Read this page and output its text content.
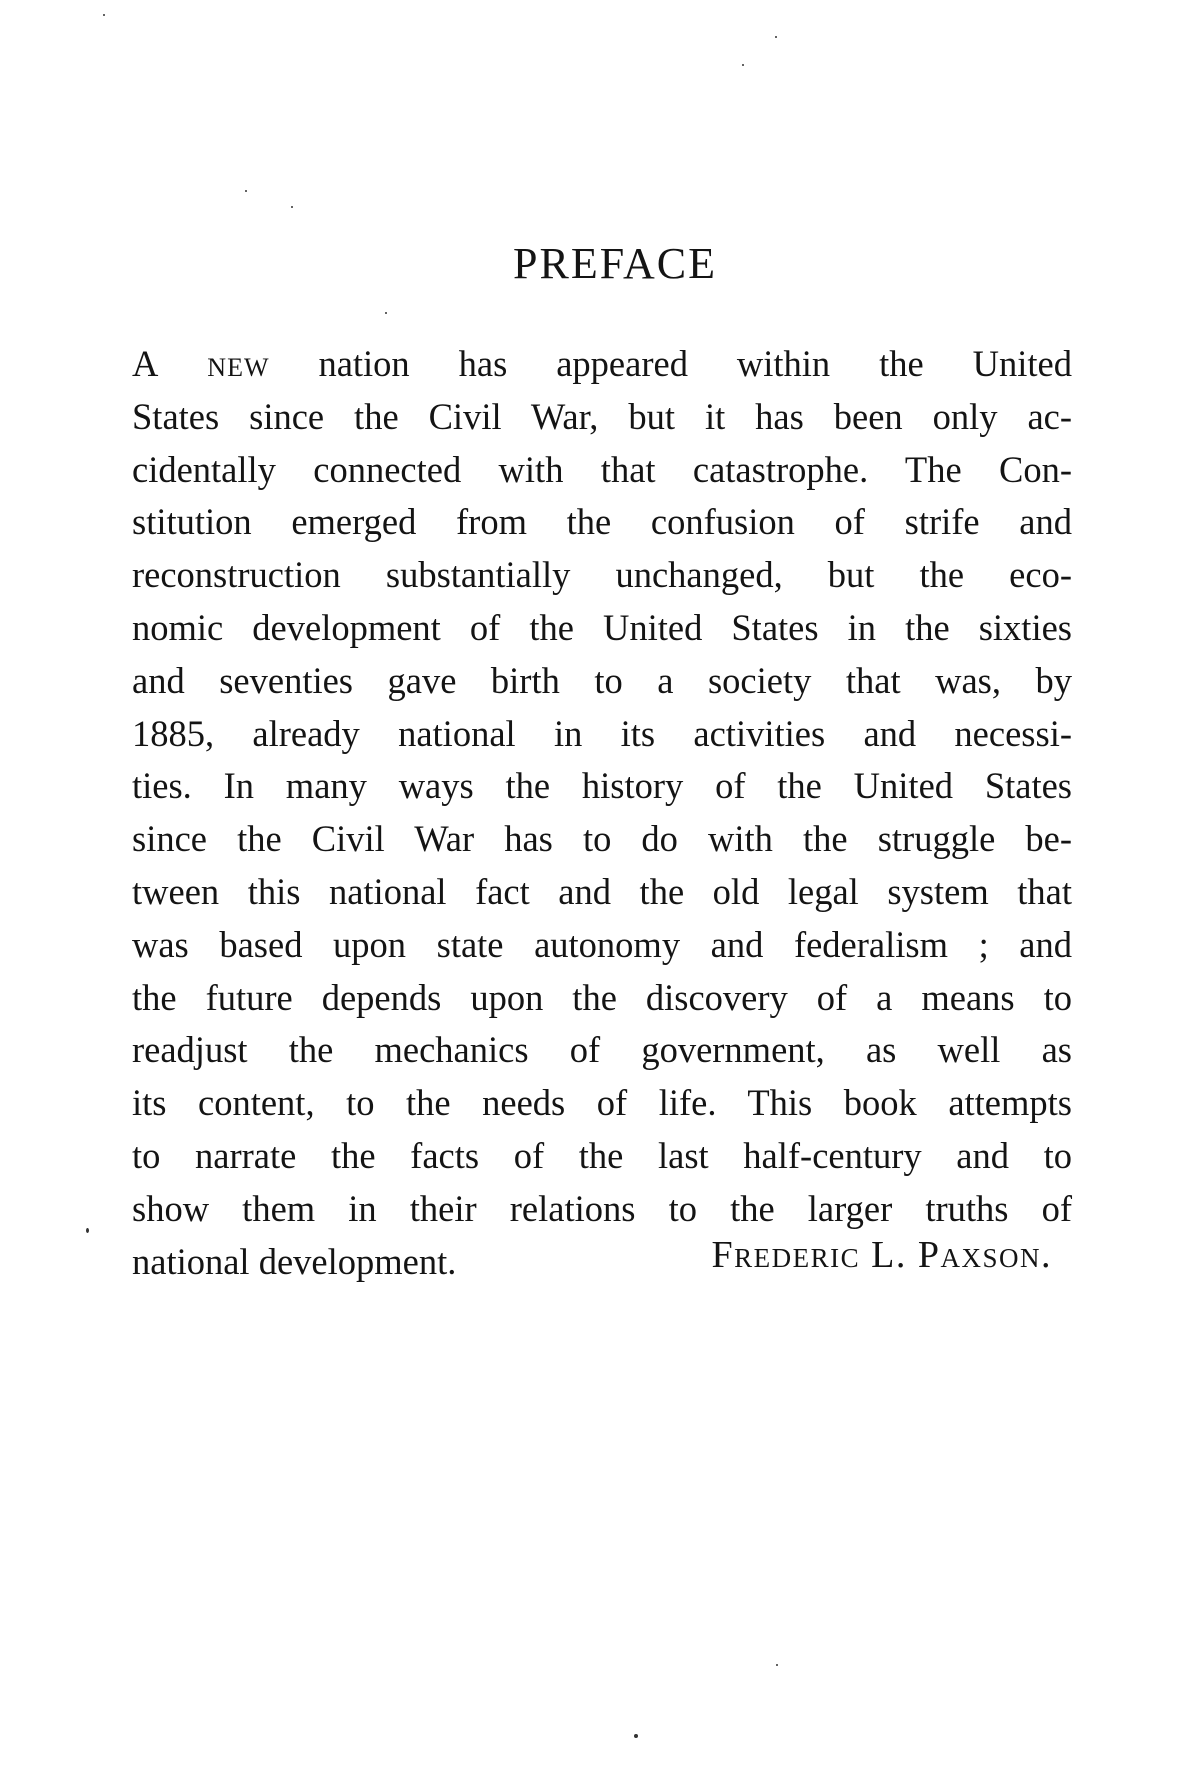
PREFACE
A new nation has appeared within the United
States since the Civil War, but it has been only ac-
cidentally connected with that catastrophe. The Con-
stitution emerged from the confusion of strife and
reconstruction substantially unchanged, but the eco-
nomic development of the United States in the sixties
and seventies gave birth to a society that was, by
1885, already national in its activities and necessi-
ties. In many ways the history of the United States
since the Civil War has to do with the struggle be-
tween this national fact and the old legal system that
was based upon state autonomy and federalism ; and
the future depends upon the discovery of a means to
readjust the mechanics of government, as well as
its content, to the needs of life. This book attempts
to narrate the facts of the last half-century and to
show them in their relations to the larger truths of
national development.	Frederic L. Paxson.
